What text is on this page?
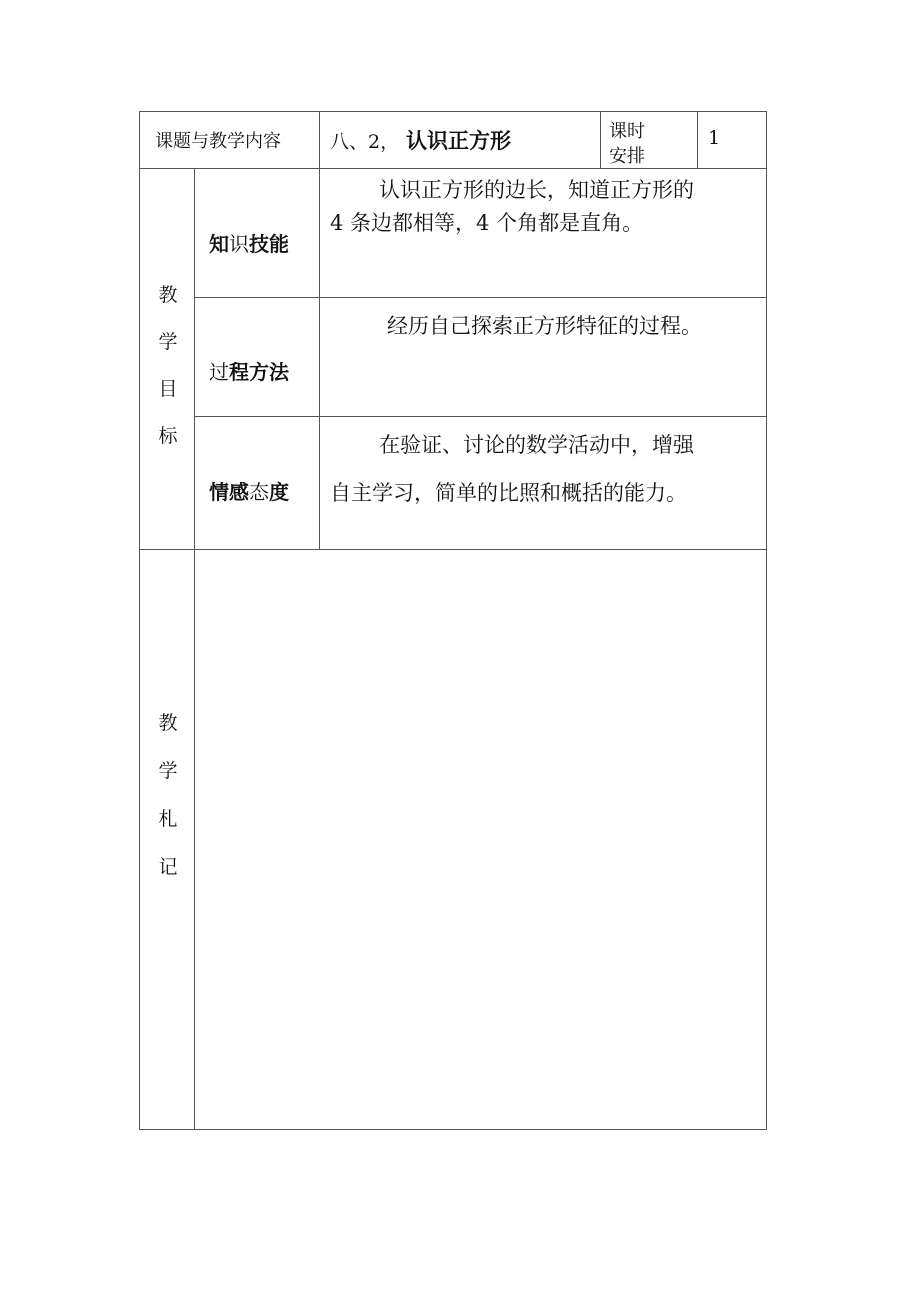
课题与教学内容	八、2， 认识正方形	课时
安排
1
教
学
目
标
知识技能
认识正方形的边长，知道正方形的
4 条边都相等，4 个角都是直角。
过程方法
经历自己探索正方形特征的过程。
情感态度
在验证、讨论的数学活动中，增强
自主学习，简单的比照和概括的能力。
教
学
札
记
